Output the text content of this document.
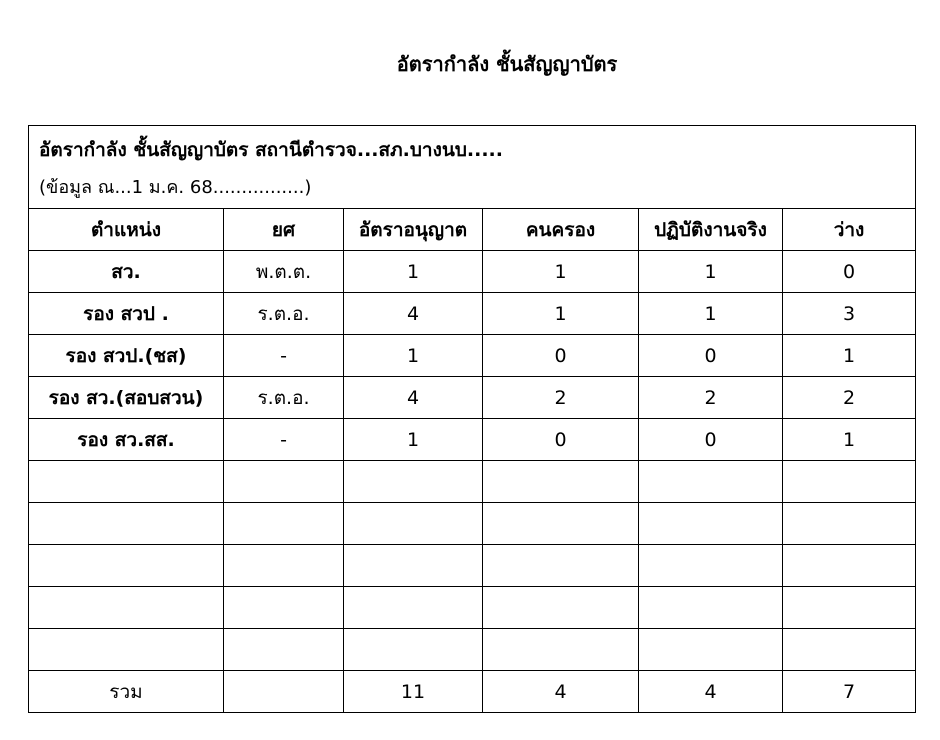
อัตรากำลัง ชั้นสัญญาบัตร
อัตรากำลัง ชั้นสัญญาบัตร สถานีตำรวจ...สภ.บางนบ.....
(ข้อมูล ณ...1 ม.ค. 68................)					

ตำแหน่ง	ยศ	อัตราอนุญาต	คนครอง	ปฏิบัติงานจริง	ว่าง
สว.	พ.ต.ต.	1	1	1	0
รอง สวป .	ร.ต.อ.	4	1	1	3
รอง สวป.(ชส)	-	1	0	0	1
รอง สว.(สอบสวน)	ร.ต.อ.	4	2	2	2
รอง สว.สส.	-	1	0	0	1

รวม		11	4	4	7
